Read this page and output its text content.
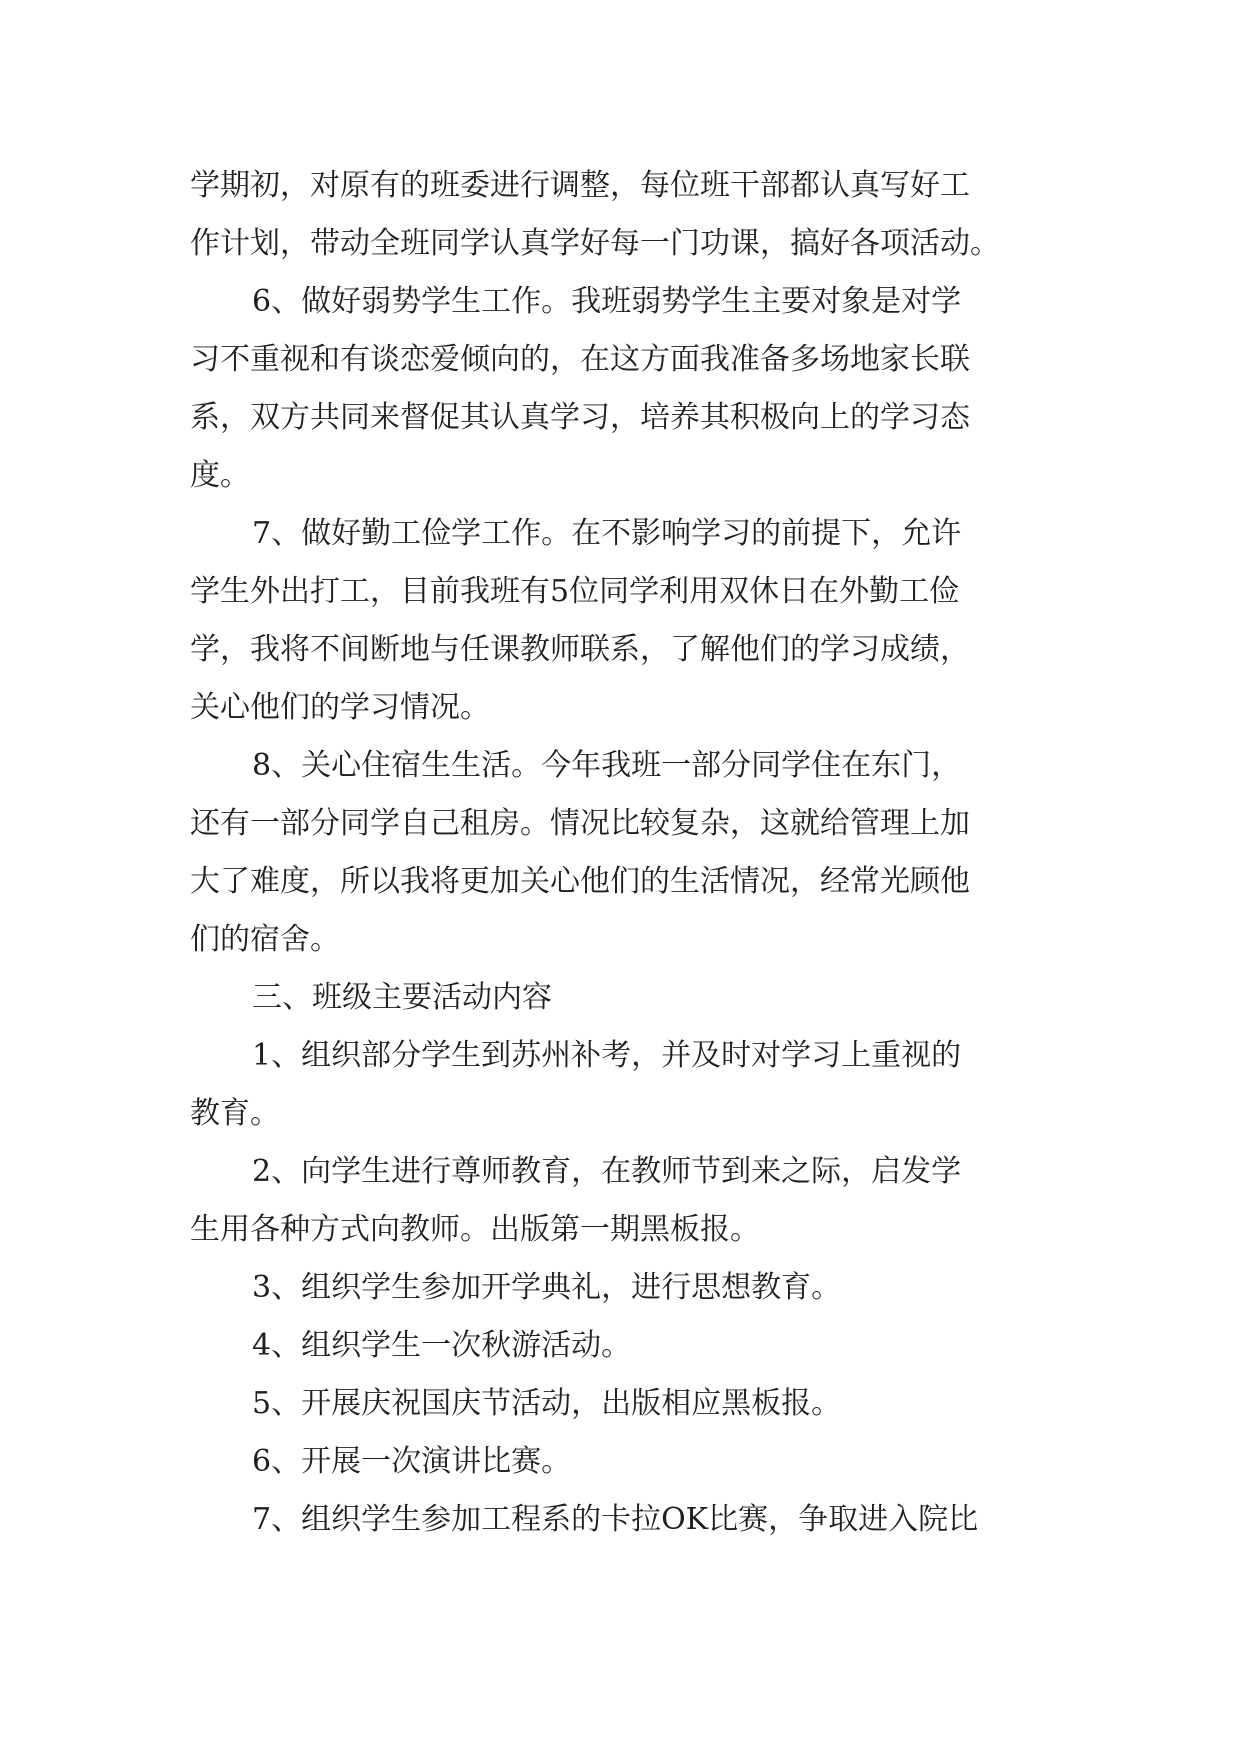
学期初，对原有的班委进行调整，每位班干部都认真写好工
作计划，带动全班同学认真学好每一门功课，搞好各项活动。
6、做好弱势学生工作。我班弱势学生主要对象是对学
习不重视和有谈恋爱倾向的，在这方面我准备多场地家长联
系，双方共同来督促其认真学习，培养其积极向上的学习态
度。
7、做好勤工俭学工作。在不影响学习的前提下，允许
学生外出打工，目前我班有5位同学利用双休日在外勤工俭
学，我将不间断地与任课教师联系，了解他们的学习成绩，
关心他们的学习情况。
8、关心住宿生生活。今年我班一部分同学住在东门，
还有一部分同学自己租房。情况比较复杂，这就给管理上加
大了难度，所以我将更加关心他们的生活情况，经常光顾他
们的宿舍。
三、班级主要活动内容
1、组织部分学生到苏州补考，并及时对学习上重视的
教育。
2、向学生进行尊师教育，在教师节到来之际，启发学
生用各种方式向教师。出版第一期黑板报。
3、组织学生参加开学典礼，进行思想教育。
4、组织学生一次秋游活动。
5、开展庆祝国庆节活动，出版相应黑板报。
6、开展一次演讲比赛。
7、组织学生参加工程系的卡拉OK比赛，争取进入院比
